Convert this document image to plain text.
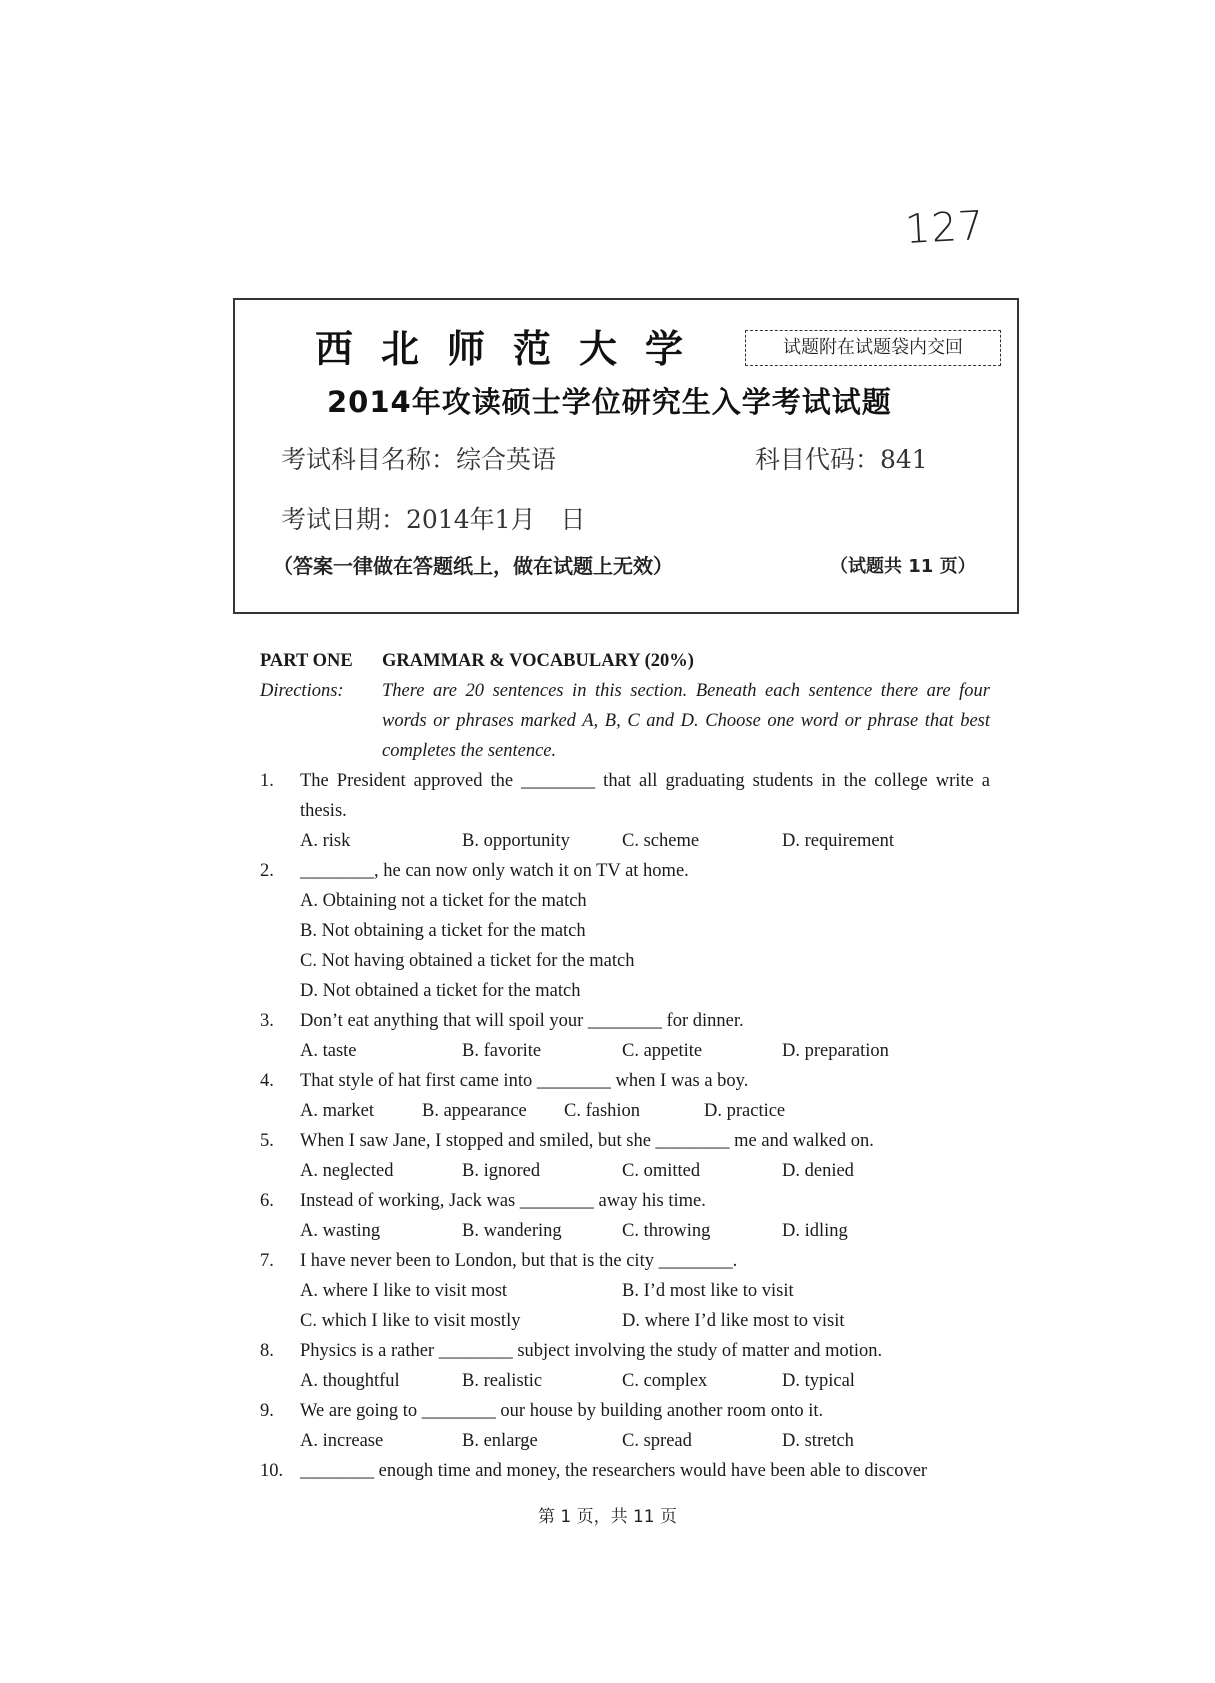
127
西北师范大学	试题附在试题袋内交回
2014年攻读硕士学位研究生入学考试试题
考试科目名称：综合英语	科目代码：841
考试日期：2014年1月　日
（答案一律做在答题纸上，做在试题上无效）	（试题共 11 页）
PART ONE	GRAMMAR & VOCABULARY (20%)
Directions:	There are 20 sentences in this section. Beneath each sentence there are four words or phrases marked A, B, C and D. Choose one word or phrase that best completes the sentence.
1.	The President approved the ________ that all graduating students in the college write a thesis.
A. risk	B. opportunity	C. scheme	D. requirement
2.	________, he can now only watch it on TV at home.
A. Obtaining not a ticket for the match
B. Not obtaining a ticket for the match
C. Not having obtained a ticket for the match
D. Not obtained a ticket for the match
3.	Don’t eat anything that will spoil your ________ for dinner.
A. taste	B. favorite	C. appetite	D. preparation
4.	That style of hat first came into ________ when I was a boy.
A. market	B. appearance	C. fashion	D. practice
5.	When I saw Jane, I stopped and smiled, but she ________ me and walked on.
A. neglected	B. ignored	C. omitted	D. denied
6.	Instead of working, Jack was ________ away his time.
A. wasting	B. wandering	C. throwing	D. idling
7.	I have never been to London, but that is the city ________.
A. where I like to visit most	B. I’d most like to visit
C. which I like to visit mostly	D. where I’d like most to visit
8.	Physics is a rather ________ subject involving the study of matter and motion.
A. thoughtful	B. realistic	C. complex	D. typical
9.	We are going to ________ our house by building another room onto it.
A. increase	B. enlarge	C. spread	D. stretch
10. ________ enough time and money, the researchers would have been able to discover
第 1 页，共 11 页
